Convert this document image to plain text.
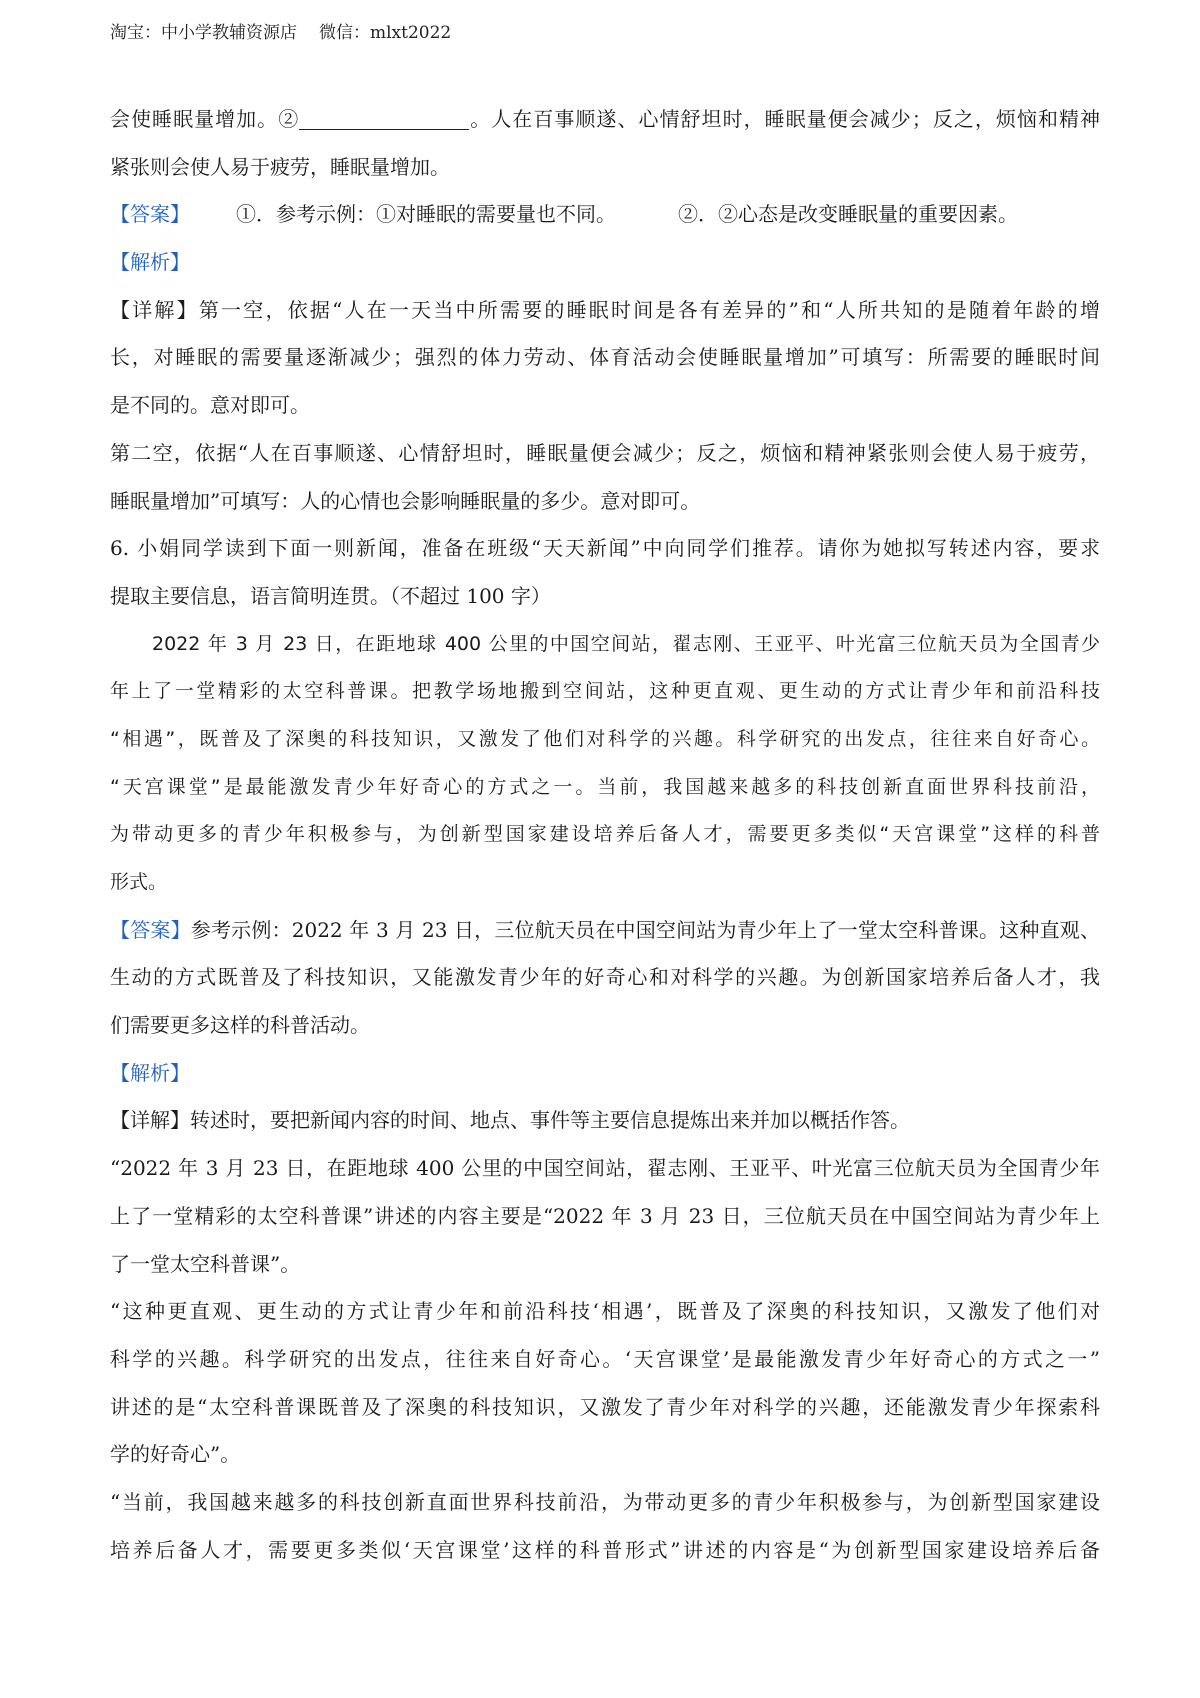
淘宝：中小学教辅资源店 微信：mlxt2022
会使睡眠量增加。②	。人在百事顺遂、心情舒坦时，睡眠量便会减少；反之，烦恼和精神
紧张则会使人易于疲劳，睡眠量增加。
【答案】 ①．参考示例：①对睡眠的需要量也不同。	②．②心态是改变睡眠量的重要因素。
【解析】
【详解】第一空，依据“人在一天当中所需要的睡眠时间是各有差异的”和“人所共知的是随着年龄的增
长，对睡眠的需要量逐渐减少；强烈的体力劳动、体育活动会使睡眠量增加”可填写：所需要的睡眠时间
是不同的。意对即可。
第二空，依据“人在百事顺遂、心情舒坦时，睡眠量便会减少；反之，烦恼和精神紧张则会使人易于疲劳，
睡眠量增加”可填写：人的心情也会影响睡眠量的多少。意对即可。
6. 小娟同学读到下面一则新闻，准备在班级“天天新闻”中向同学们推荐。请你为她拟写转述内容，要求
提取主要信息，语言简明连贯。（不超过 100 字）
2022 年 3 月 23 日，在距地球 400 公里的中国空间站，翟志刚、王亚平、叶光富三位航天员为全国青少
年上了一堂精彩的太空科普课。把教学场地搬到空间站，这种更直观、更生动的方式让青少年和前沿科技
“相遇”，既普及了深奥的科技知识，又激发了他们对科学的兴趣。科学研究的出发点，往往来自好奇心。
“天宫课堂”是最能激发青少年好奇心的方式之一。当前，我国越来越多的科技创新直面世界科技前沿，
为带动更多的青少年积极参与，为创新型国家建设培养后备人才，需要更多类似“天宫课堂”这样的科普
形式。
【答案】参考示例：2022 年 3 月 23 日，三位航天员在中国空间站为青少年上了一堂太空科普课。这种直观、
生动的方式既普及了科技知识，又能激发青少年的好奇心和对科学的兴趣。为创新国家培养后备人才，我
们需要更多这样的科普活动。
【解析】
【详解】转述时，要把新闻内容的时间、地点、事件等主要信息提炼出来并加以概括作答。
“2022 年 3 月 23 日，在距地球 400 公里的中国空间站，翟志刚、王亚平、叶光富三位航天员为全国青少年
上了一堂精彩的太空科普课”讲述的内容主要是“2022 年 3 月 23 日，三位航天员在中国空间站为青少年上
了一堂太空科普课”。
“这种更直观、更生动的方式让青少年和前沿科技‘相遇’，既普及了深奥的科技知识，又激发了他们对
科学的兴趣。科学研究的出发点，往往来自好奇心。‘天宫课堂’是最能激发青少年好奇心的方式之一”
讲述的是“太空科普课既普及了深奥的科技知识，又激发了青少年对科学的兴趣，还能激发青少年探索科
学的好奇心”。
“当前，我国越来越多的科技创新直面世界科技前沿，为带动更多的青少年积极参与，为创新型国家建设
培养后备人才，需要更多类似‘天宫课堂’这样的科普形式”讲述的内容是“为创新型国家建设培养后备
